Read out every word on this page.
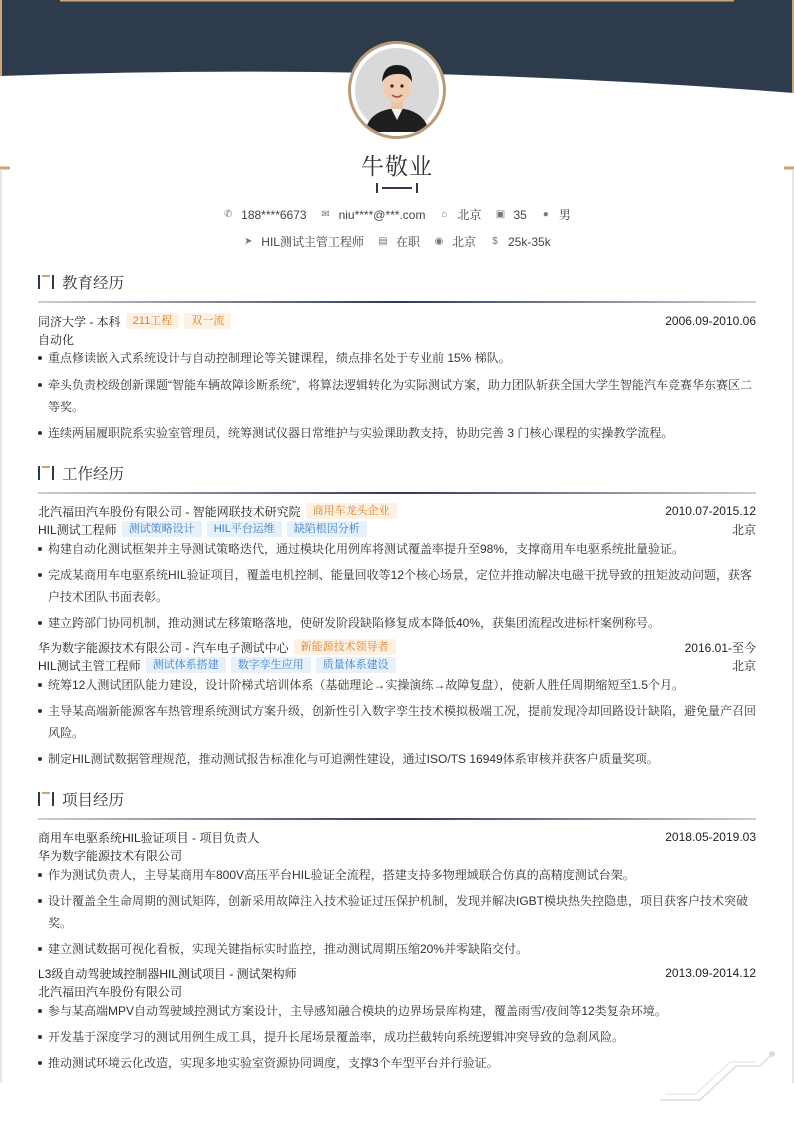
牛敬业
✆ 188****6673 ✉ niu****@***.com ⌂ 北京 ▣ 35 ● 男
➤ HIL测试主管工程师 ▤ 在职 ◉ 北京 $ 25k-35k
教育经历
同济大学 - 本科	211工程	双一流	2006.09-2010.06
自动化
重点修读嵌入式系统设计与自动控制理论等关键课程，绩点排名处于专业前 15% 梯队。
牵头负责校级创新课题“智能车辆故障诊断系统”，将算法逻辑转化为实际测试方案，助力团队斩获全国大学生智能汽车竞赛华东赛区二等奖。
连续两届履职院系实验室管理员，统筹测试仪器日常维护与实验课助教支持，协助完善 3 门核心课程的实操教学流程。
工作经历
北汽福田汽车股份有限公司 - 智能网联技术研究院	商用车龙头企业	2010.07-2015.12
HIL测试工程师	测试策略设计	HIL平台运维	缺陷根因分析	北京
构建自动化测试框架并主导测试策略迭代，通过模块化用例库将测试覆盖率提升至98%，支撑商用车电驱系统批量验证。
完成某商用车电驱系统HIL验证项目，覆盖电机控制、能量回收等12个核心场景，定位并推动解决电磁干扰导致的扭矩波动问题，获客户技术团队书面表彰。
建立跨部门协同机制，推动测试左移策略落地，使研发阶段缺陷修复成本降低40%，获集团流程改进标杆案例称号。
华为数字能源技术有限公司 - 汽车电子测试中心	新能源技术领导者	2016.01-至今
HIL测试主管工程师	测试体系搭建	数字孪生应用	质量体系建设	北京
统筹12人测试团队能力建设，设计阶梯式培训体系（基础理论→实操演练→故障复盘），使新人胜任周期缩短至1.5个月。
主导某高端新能源客车热管理系统测试方案升级，创新性引入数字孪生技术模拟极端工况，提前发现冷却回路设计缺陷，避免量产召回风险。
制定HIL测试数据管理规范，推动测试报告标准化与可追溯性建设，通过ISO/TS 16949体系审核并获客户质量奖项。
项目经历
商用车电驱系统HIL验证项目 - 项目负责人	2018.05-2019.03
华为数字能源技术有限公司
作为测试负责人，主导某商用车800V高压平台HIL验证全流程，搭建支持多物理域联合仿真的高精度测试台架。
设计覆盖全生命周期的测试矩阵，创新采用故障注入技术验证过压保护机制，发现并解决IGBT模块热失控隐患，项目获客户技术突破奖。
建立测试数据可视化看板，实现关键指标实时监控，推动测试周期压缩20%并零缺陷交付。
L3级自动驾驶域控制器HIL测试项目 - 测试架构师	2013.09-2014.12
北汽福田汽车股份有限公司
参与某高端MPV自动驾驶域控测试方案设计，主导感知融合模块的边界场景库构建，覆盖雨雪/夜间等12类复杂环境。
开发基于深度学习的测试用例生成工具，提升长尾场景覆盖率，成功拦截转向系统逻辑冲突导致的急刹风险。
推动测试环境云化改造，实现多地实验室资源协同调度，支撑3个车型平台并行验证。
